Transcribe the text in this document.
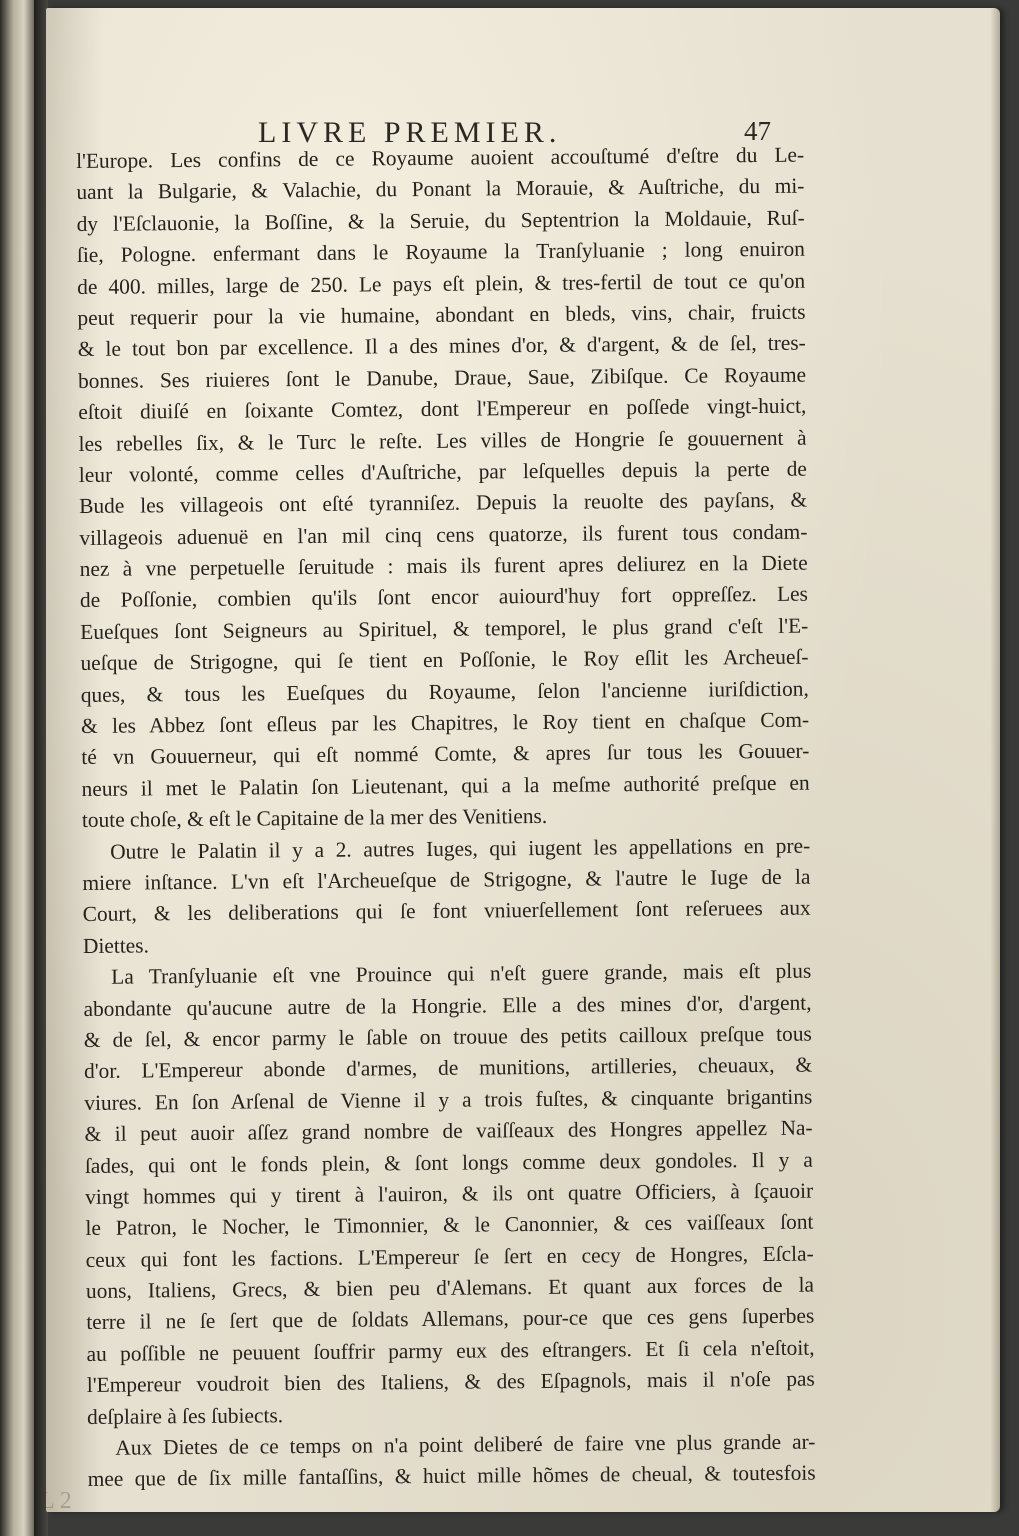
LIVRE PREMIER.	47
l'Europe. Les confins de ce Royaume auoient accouſtumé d'eſtre du Le-
uant la Bulgarie, & Valachie, du Ponant la Morauie, & Auſtriche, du mi-
dy l'Eſclauonie, la Boſſine, & la Seruie, du Septentrion la Moldauie, Ruſ-
ſie, Pologne. enfermant dans le Royaume la Tranſyluanie ; long enuiron
de 400. milles, large de 250. Le pays eſt plein, & tres-fertil de tout ce qu'on
peut requerir pour la vie humaine, abondant en bleds, vins, chair, fruicts
& le tout bon par excellence. Il a des mines d'or, & d'argent, & de ſel, tres-
bonnes. Ses riuieres ſont le Danube, Draue, Saue, Zibiſque. Ce Royaume
eſtoit diuiſé en ſoixante Comtez, dont l'Empereur en poſſede vingt-huict,
les rebelles ſix, & le Turc le reſte. Les villes de Hongrie ſe gouuernent à
leur volonté, comme celles d'Auſtriche, par leſquelles depuis la perte de
Bude les villageois ont eſté tyranniſez. Depuis la reuolte des payſans, &
villageois aduenuë en l'an mil cinq cens quatorze, ils furent tous condam-
nez à vne perpetuelle ſeruitude : mais ils furent apres deliurez en la Diete
de Poſſonie, combien qu'ils ſont encor auiourd'huy fort oppreſſez. Les
Eueſques ſont Seigneurs au Spirituel, & temporel, le plus grand c'eſt l'E-
ueſque de Strigogne, qui ſe tient en Poſſonie, le Roy eſlit les Archeueſ-
ques, & tous les Eueſques du Royaume, ſelon l'ancienne iuriſdiction,
& les Abbez ſont eſleus par les Chapitres, le Roy tient en chaſque Com-
té vn Gouuerneur, qui eſt nommé Comte, & apres ſur tous les Gouuer-
neurs il met le Palatin ſon Lieutenant, qui a la meſme authorité preſque en
toute choſe, & eſt le Capitaine de la mer des Venitiens.
Outre le Palatin il y a 2. autres Iuges, qui iugent les appellations en pre-
miere inſtance. L'vn eſt l'Archeueſque de Strigogne, & l'autre le Iuge de la
Court, & les deliberations qui ſe font vniuerſellement ſont reſeruees aux
Diettes.
La Tranſyluanie eſt vne Prouince qui n'eſt guere grande, mais eſt plus
abondante qu'aucune autre de la Hongrie. Elle a des mines d'or, d'argent,
& de ſel, & encor parmy le ſable on trouue des petits cailloux preſque tous
d'or. L'Empereur abonde d'armes, de munitions, artilleries, cheuaux, &
viures. En ſon Arſenal de Vienne il y a trois fuſtes, & cinquante brigantins
& il peut auoir aſſez grand nombre de vaiſſeaux des Hongres appellez Na-
ſades, qui ont le fonds plein, & ſont longs comme deux gondoles. Il y a
vingt hommes qui y tirent à l'auiron, & ils ont quatre Officiers, à ſçauoir
le Patron, le Nocher, le Timonnier, & le Canonnier, & ces vaiſſeaux ſont
ceux qui font les factions. L'Empereur ſe ſert en cecy de Hongres, Eſcla-
uons, Italiens, Grecs, & bien peu d'Alemans. Et quant aux forces de la
terre il ne ſe ſert que de ſoldats Allemans, pour-ce que ces gens ſuperbes
au poſſible ne peuuent ſouffrir parmy eux des eſtrangers. Et ſi cela n'eſtoit,
l'Empereur voudroit bien des Italiens, & des Eſpagnols, mais il n'oſe pas
deſplaire à ſes ſubiects.
Aux Dietes de ce temps on n'a point deliberé de faire vne plus grande ar-
mee que de ſix mille fantaſſins, & huict mille hõmes de cheual, & toutesfois
L 2
